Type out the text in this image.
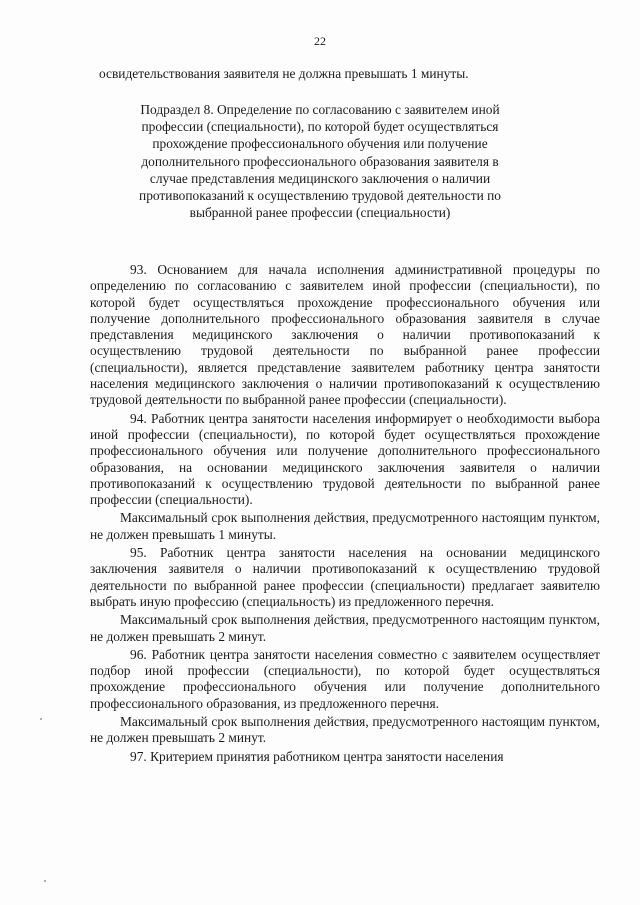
22
освидетельствования заявителя не должна превышать 1 минуты.
Подраздел 8. Определение по согласованию с заявителем иной профессии (специальности), по которой будет осуществляться прохождение профессионального обучения или получение дополнительного профессионального образования заявителя в случае представления медицинского заключения о наличии противопоказаний к осуществлению трудовой деятельности по выбранной ранее профессии (специальности)

93. Основанием для начала исполнения административной процедуры по определению по согласованию с заявителем иной профессии (специальности), по которой будет осуществляться прохождение профессионального обучения или получение дополнительного профессионального образования заявителя в случае представления медицинского заключения о наличии противопоказаний к осуществлению трудовой деятельности по выбранной ранее профессии (специальности), является представление заявителем работнику центра занятости населения медицинского заключения о наличии противопоказаний к осуществлению трудовой деятельности по выбранной ранее профессии (специальности).

94. Работник центра занятости населения информирует о необходимости выбора иной профессии (специальности), по которой будет осуществляться прохождение профессионального обучения или получение дополнительного профессионального образования, на основании медицинского заключения заявителя о наличии противопоказаний к осуществлению трудовой деятельности по выбранной ранее профессии (специальности).

Максимальный срок выполнения действия, предусмотренного настоящим пунктом, не должен превышать 1 минуты.

95. Работник центра занятости населения на основании медицинского заключения заявителя о наличии противопоказаний к осуществлению трудовой деятельности по выбранной ранее профессии (специальности) предлагает заявителю выбрать иную профессию (специальность) из предложенного перечня.

Максимальный срок выполнения действия, предусмотренного настоящим пунктом, не должен превышать 2 минут.

96. Работник центра занятости населения совместно с заявителем осуществляет подбор иной профессии (специальности), по которой будет осуществляться прохождение профессионального обучения или получение дополнительного профессионального образования, из предложенного перечня.

Максимальный срок выполнения действия, предусмотренного настоящим пунктом, не должен превышать 2 минут.

97. Критерием принятия работником центра занятости населения
